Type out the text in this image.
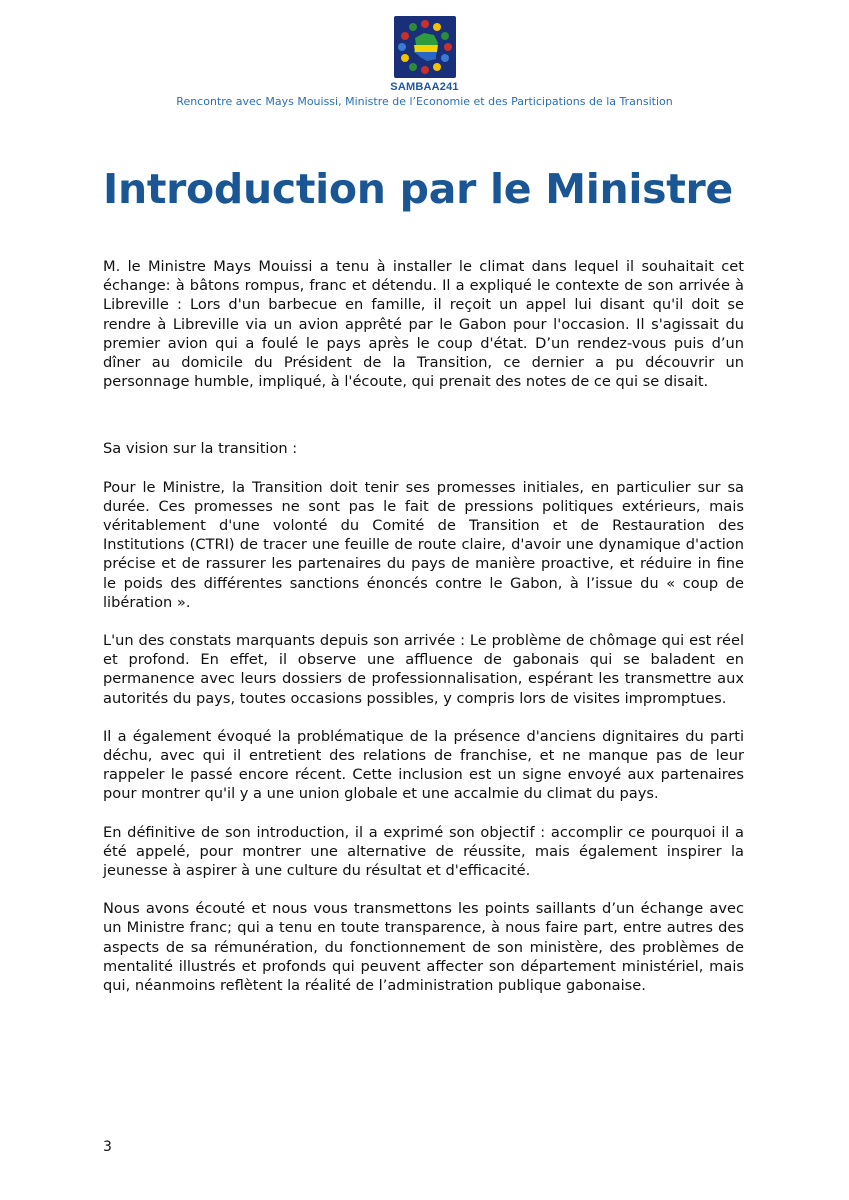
SAMBAA241
Rencontre avec Mays Mouissi, Ministre de l’Economie et des Participations de la Transition
Introduction par le Ministre

M. le Ministre Mays Mouissi a tenu à installer le climat dans lequel il souhaitait cet échange: à bâtons rompus, franc et détendu. Il a expliqué le contexte de son arrivée à Libreville : Lors d'un barbecue en famille, il reçoit un appel lui disant qu'il doit se rendre à Libreville via un avion apprêté par le Gabon pour l'occasion. Il s'agissait du premier avion qui a foulé le pays après le coup d'état. D’un rendez-vous puis d’un dîner au domicile du Président de la Transition, ce dernier a pu découvrir un personnage humble, impliqué, à l'écoute, qui prenait des notes de ce qui se disait.

Sa vision sur la transition :

Pour le Ministre, la Transition doit tenir ses promesses initiales, en particulier sur sa durée. Ces promesses ne sont pas le fait de pressions politiques extérieurs, mais véritablement d'une volonté du Comité de Transition et de Restauration des Institutions (CTRI) de tracer une feuille de route claire, d'avoir une dynamique d'action précise et de rassurer les partenaires du pays de manière proactive, et réduire in fine le poids des différentes sanctions énoncés contre le Gabon, à l’issue du « coup de libération ».

L'un des constats marquants depuis son arrivée : Le problème de chômage qui est réel et profond. En effet, il observe une affluence de gabonais qui se baladent en permanence avec leurs dossiers de professionnalisation, espérant les transmettre aux autorités du pays, toutes occasions possibles, y compris lors de visites impromptues.

Il a également évoqué la problématique de la présence d'anciens dignitaires du parti déchu, avec qui il entretient des relations de franchise, et ne manque pas de leur rappeler le passé encore récent. Cette inclusion est un signe envoyé aux partenaires pour montrer qu'il y a une union globale et une accalmie du climat du pays.

En définitive de son introduction, il a exprimé son objectif : accomplir ce pourquoi il a été appelé, pour montrer une alternative de réussite, mais également inspirer la jeunesse à aspirer à une culture du résultat et d'efficacité.

Nous avons écouté et nous vous transmettons les points saillants d’un échange avec un Ministre franc; qui a tenu en toute transparence, à nous faire part, entre autres des aspects de sa rémunération, du fonctionnement de son ministère, des problèmes de mentalité illustrés et profonds qui peuvent affecter son département ministériel, mais qui, néanmoins reflètent la réalité de l’administration publique gabonaise.

3
